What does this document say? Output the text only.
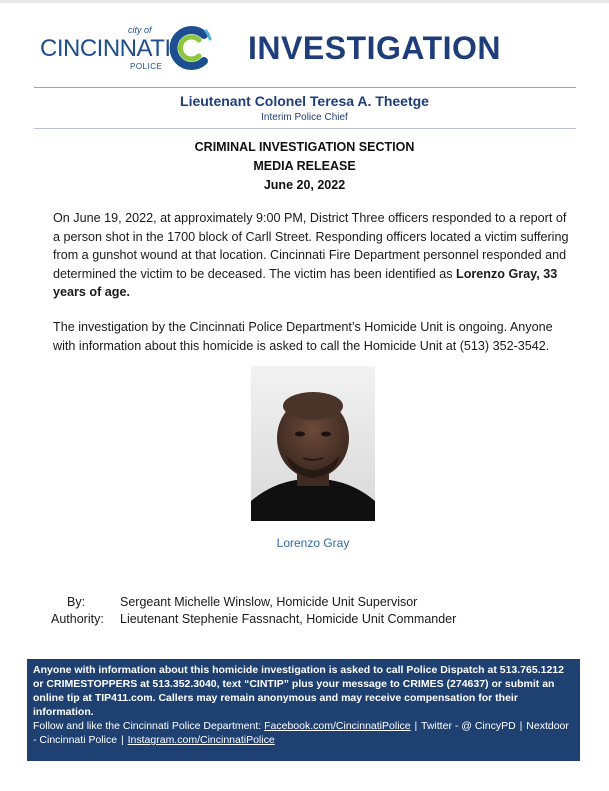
city of
CINCINNATI
POLICE
INVESTIGATION
Lieutenant Colonel Teresa A. Theetge
Interim Police Chief
CRIMINAL INVESTIGATION SECTION
MEDIA RELEASE
June 20, 2022
On June 19, 2022, at approximately 9:00 PM, District Three officers responded to a report of a person shot in the 1700 block of Carll Street. Responding officers located a victim suffering from a gunshot wound at that location. Cincinnati Fire Department personnel responded and determined the victim to be deceased. The victim has been identified as Lorenzo Gray, 33 years of age.
The investigation by the Cincinnati Police Department’s Homicide Unit is ongoing. Anyone with information about this homicide is asked to call the Homicide Unit at (513) 352-3542.
Lorenzo Gray
By:	Sergeant Michelle Winslow, Homicide Unit Supervisor
Authority: Lieutenant Stephenie Fassnacht, Homicide Unit Commander
Anyone with information about this homicide investigation is asked to call Police Dispatch at 513.765.1212 or CRIMESTOPPERS at 513.352.3040, text “CINTIP” plus your message to CRIMES (274637) or submit an online tip at TIP411.com. Callers may remain anonymous and may receive compensation for their information.
Follow and like the Cincinnati Police Department: Facebook.com/CincinnatiPolice | Twitter - @ CincyPD | Nextdoor - Cincinnati Police | Instagram.com/CincinnatiPolice
